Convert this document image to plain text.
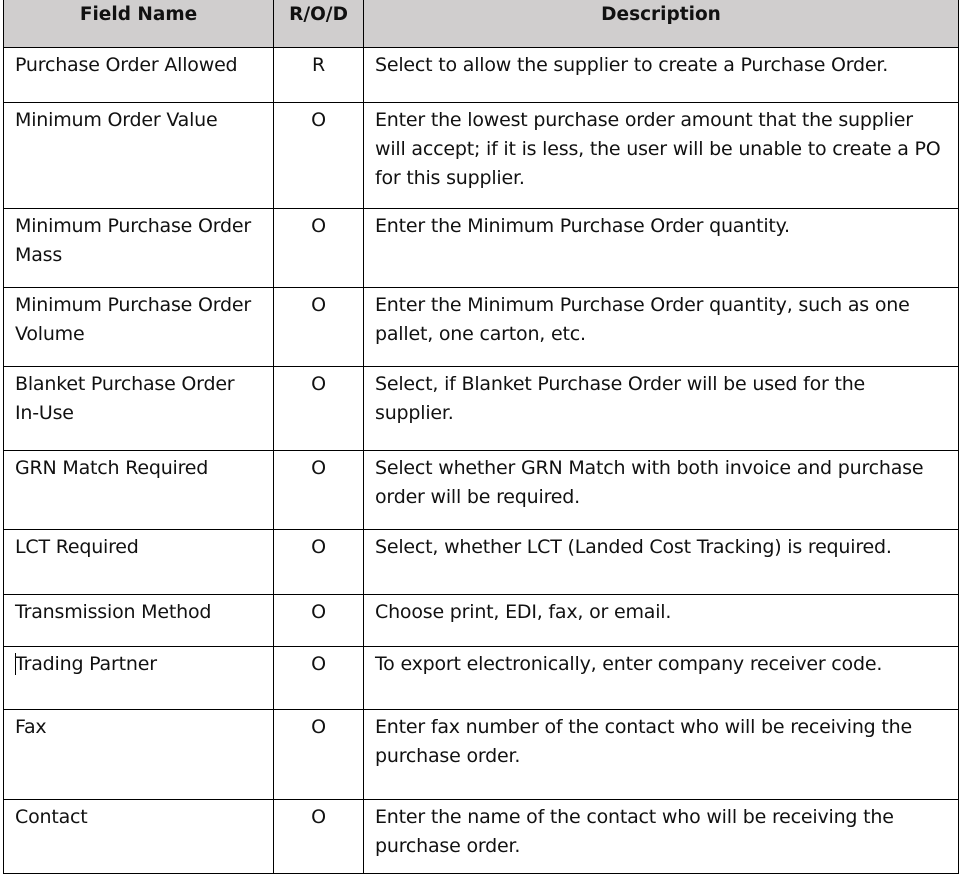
Field Name	R/O/D	Description
Purchase Order Allowed	R	Select to allow the supplier to create a Purchase Order.
Minimum Order Value	O	Enter the lowest purchase order amount that the supplier will accept; if it is less, the user will be unable to create a PO for this supplier.
Minimum Purchase Order Mass	O	Enter the Minimum Purchase Order quantity.
Minimum Purchase Order Volume	O	Enter the Minimum Purchase Order quantity, such as one pallet, one carton, etc.
Blanket Purchase Order In-Use	O	Select, if Blanket Purchase Order will be used for the supplier.
GRN Match Required	O	Select whether GRN Match with both invoice and purchase order will be required.
LCT Required	O	Select, whether LCT (Landed Cost Tracking) is required.
Transmission Method	O	Choose print, EDI, fax, or email.
Trading Partner	O	To export electronically, enter company receiver code.
Fax	O	Enter fax number of the contact who will be receiving the purchase order.
Contact	O	Enter the name of the contact who will be receiving the purchase order.
